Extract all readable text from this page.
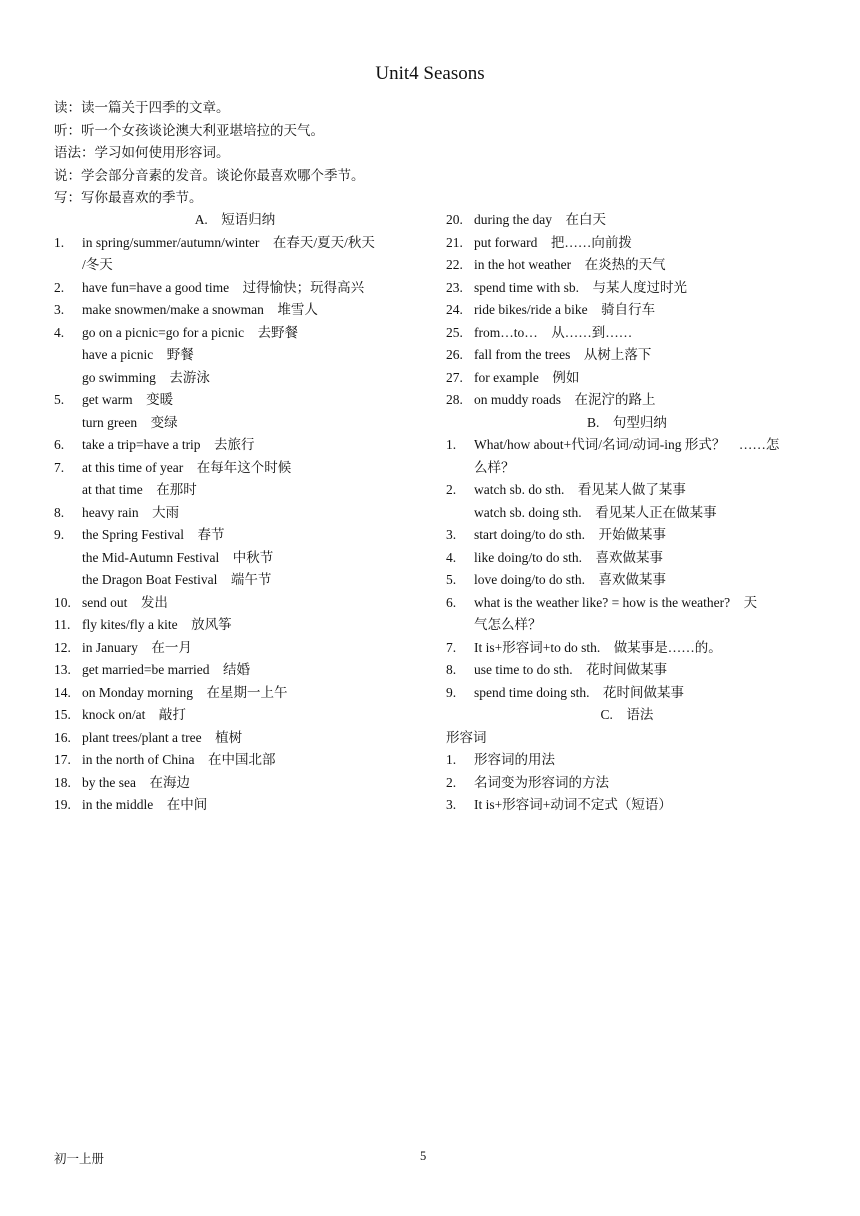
Unit4 Seasons
读：读一篇关于四季的文章。
听：听一个女孩谈论澳大利亚堪培拉的天气。
语法：学习如何使用形容词。
说：学会部分音素的发音。谈论你最喜欢哪个季节。
写：写你最喜欢的季节。
A.　短语归纳
1.	in spring/summer/autumn/winter　在春天/夏天/秋天
/冬天
2.	have fun=have a good time　过得愉快；玩得高兴
3.	make snowmen/make a snowman　堆雪人
4.	go on a picnic=go for a picnic　去野餐
have a picnic　野餐
go swimming　去游泳
5.	get warm　变暖
turn green　变绿
6.	take a trip=have a trip　去旅行
7.	at this time of year　在每年这个时候
at that time　在那时
8.	heavy rain　大雨
9.	the Spring Festival　春节
the Mid-Autumn Festival　中秋节
the Dragon Boat Festival　端午节
10. send out　发出
11. fly kites/fly a kite　放风筝
12. in January　在一月
13. get married=be married　结婚
14. on Monday morning　在星期一上午
15. knock on/at　敲打
16. plant trees/plant a tree　植树
17. in the north of China　在中国北部
18. by the sea　在海边
19. in the middle　在中间
20. during the day　在白天
21. put forward　把……向前拨
22. in the hot weather　在炎热的天气
23. spend time with sb.　与某人度过时光
24. ride bikes/ride a bike　骑自行车
25. from…to…　从……到……
26. fall from the trees　从树上落下
27. for example　例如
28. on muddy roads　在泥泞的路上
B.　句型归纳
1.	What/how about+代词/名词/动词-ing 形式？　……怎
么样？
2.	watch sb. do sth.　看见某人做了某事
watch sb. doing sth.　看见某人正在做某事
3.	start doing/to do sth.　开始做某事
4.	like doing/to do sth.　喜欢做某事
5.	love doing/to do sth.　喜欢做某事
6.	what is the weather like? = how is the weather?　天
气怎么样？
7.	It is+形容词+to do sth.　做某事是……的。
8.	use time to do sth.　花时间做某事
9.	spend time doing sth.　花时间做某事
C.　语法
形容词
1.	形容词的用法
2.	名词变为形容词的方法
3.	It is+形容词+动词不定式（短语）
初一上册	5
